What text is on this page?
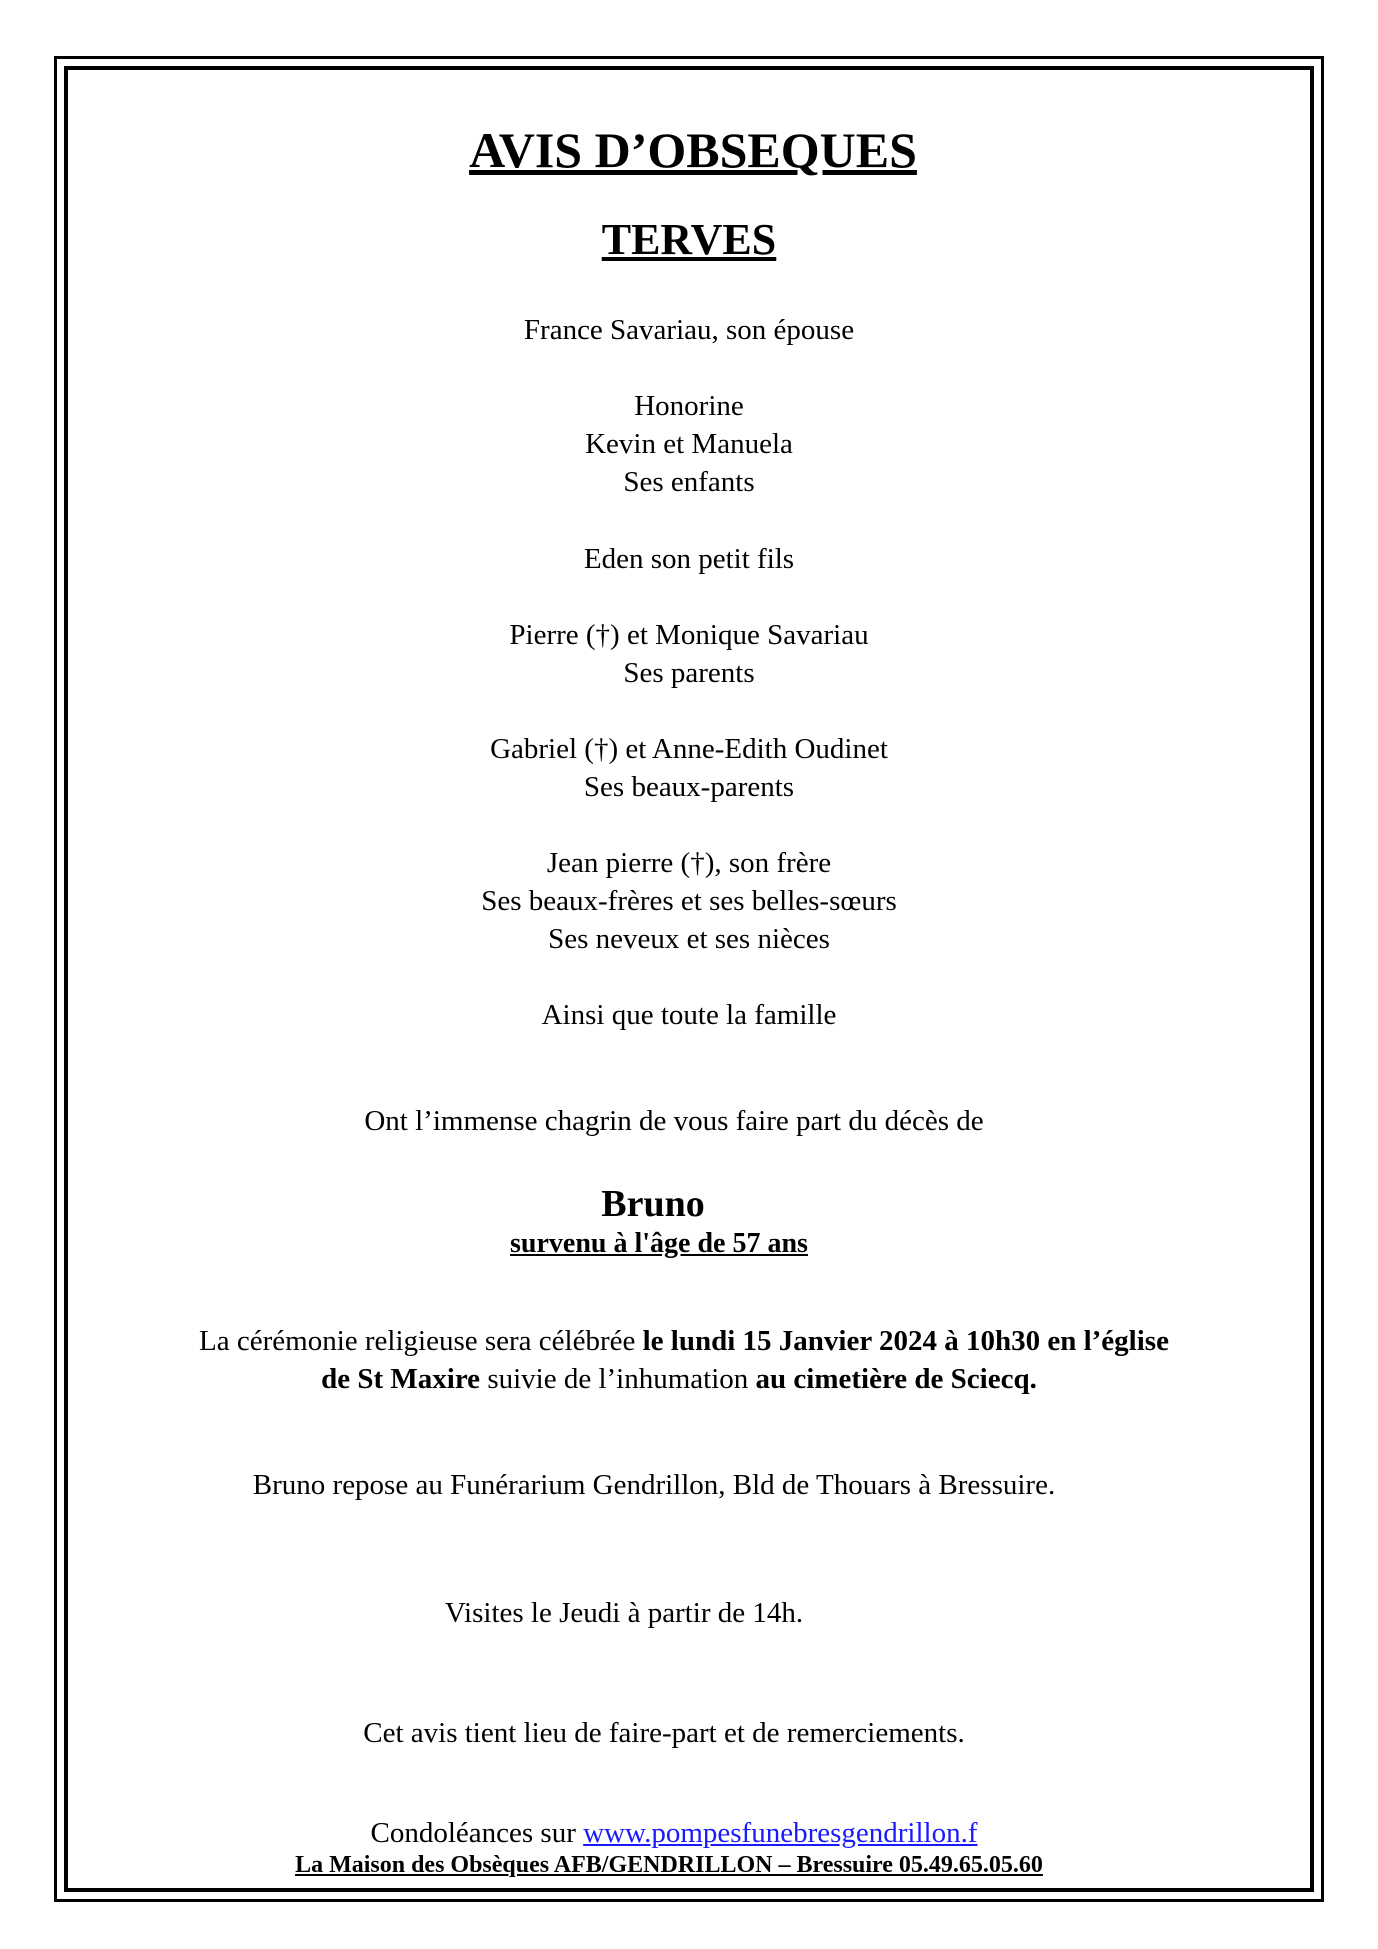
AVIS D’OBSEQUES
TERVES
France Savariau, son épouse
Honorine
Kevin et Manuela
Ses enfants
Eden son petit fils
Pierre (†) et Monique Savariau
Ses parents
Gabriel (†) et Anne-Edith Oudinet
Ses beaux-parents
Jean pierre (†), son frère
Ses beaux-frères et ses belles-sœurs
Ses neveux et ses nièces
Ainsi que toute la famille
Ont l’immense chagrin de vous faire part du décès de
Bruno
survenu à l'âge de 57 ans
La cérémonie religieuse sera célébrée le lundi 15 Janvier 2024 à 10h30 en l’église
de St Maxire suivie de l’inhumation au cimetière de Sciecq.
Bruno repose au Funérarium Gendrillon, Bld de Thouars à Bressuire.
Visites le Jeudi à partir de 14h.
Cet avis tient lieu de faire-part et de remerciements.
Condoléances sur www.pompesfunebresgendrillon.f
La Maison des Obsèques AFB/GENDRILLON – Bressuire 05.49.65.05.60
